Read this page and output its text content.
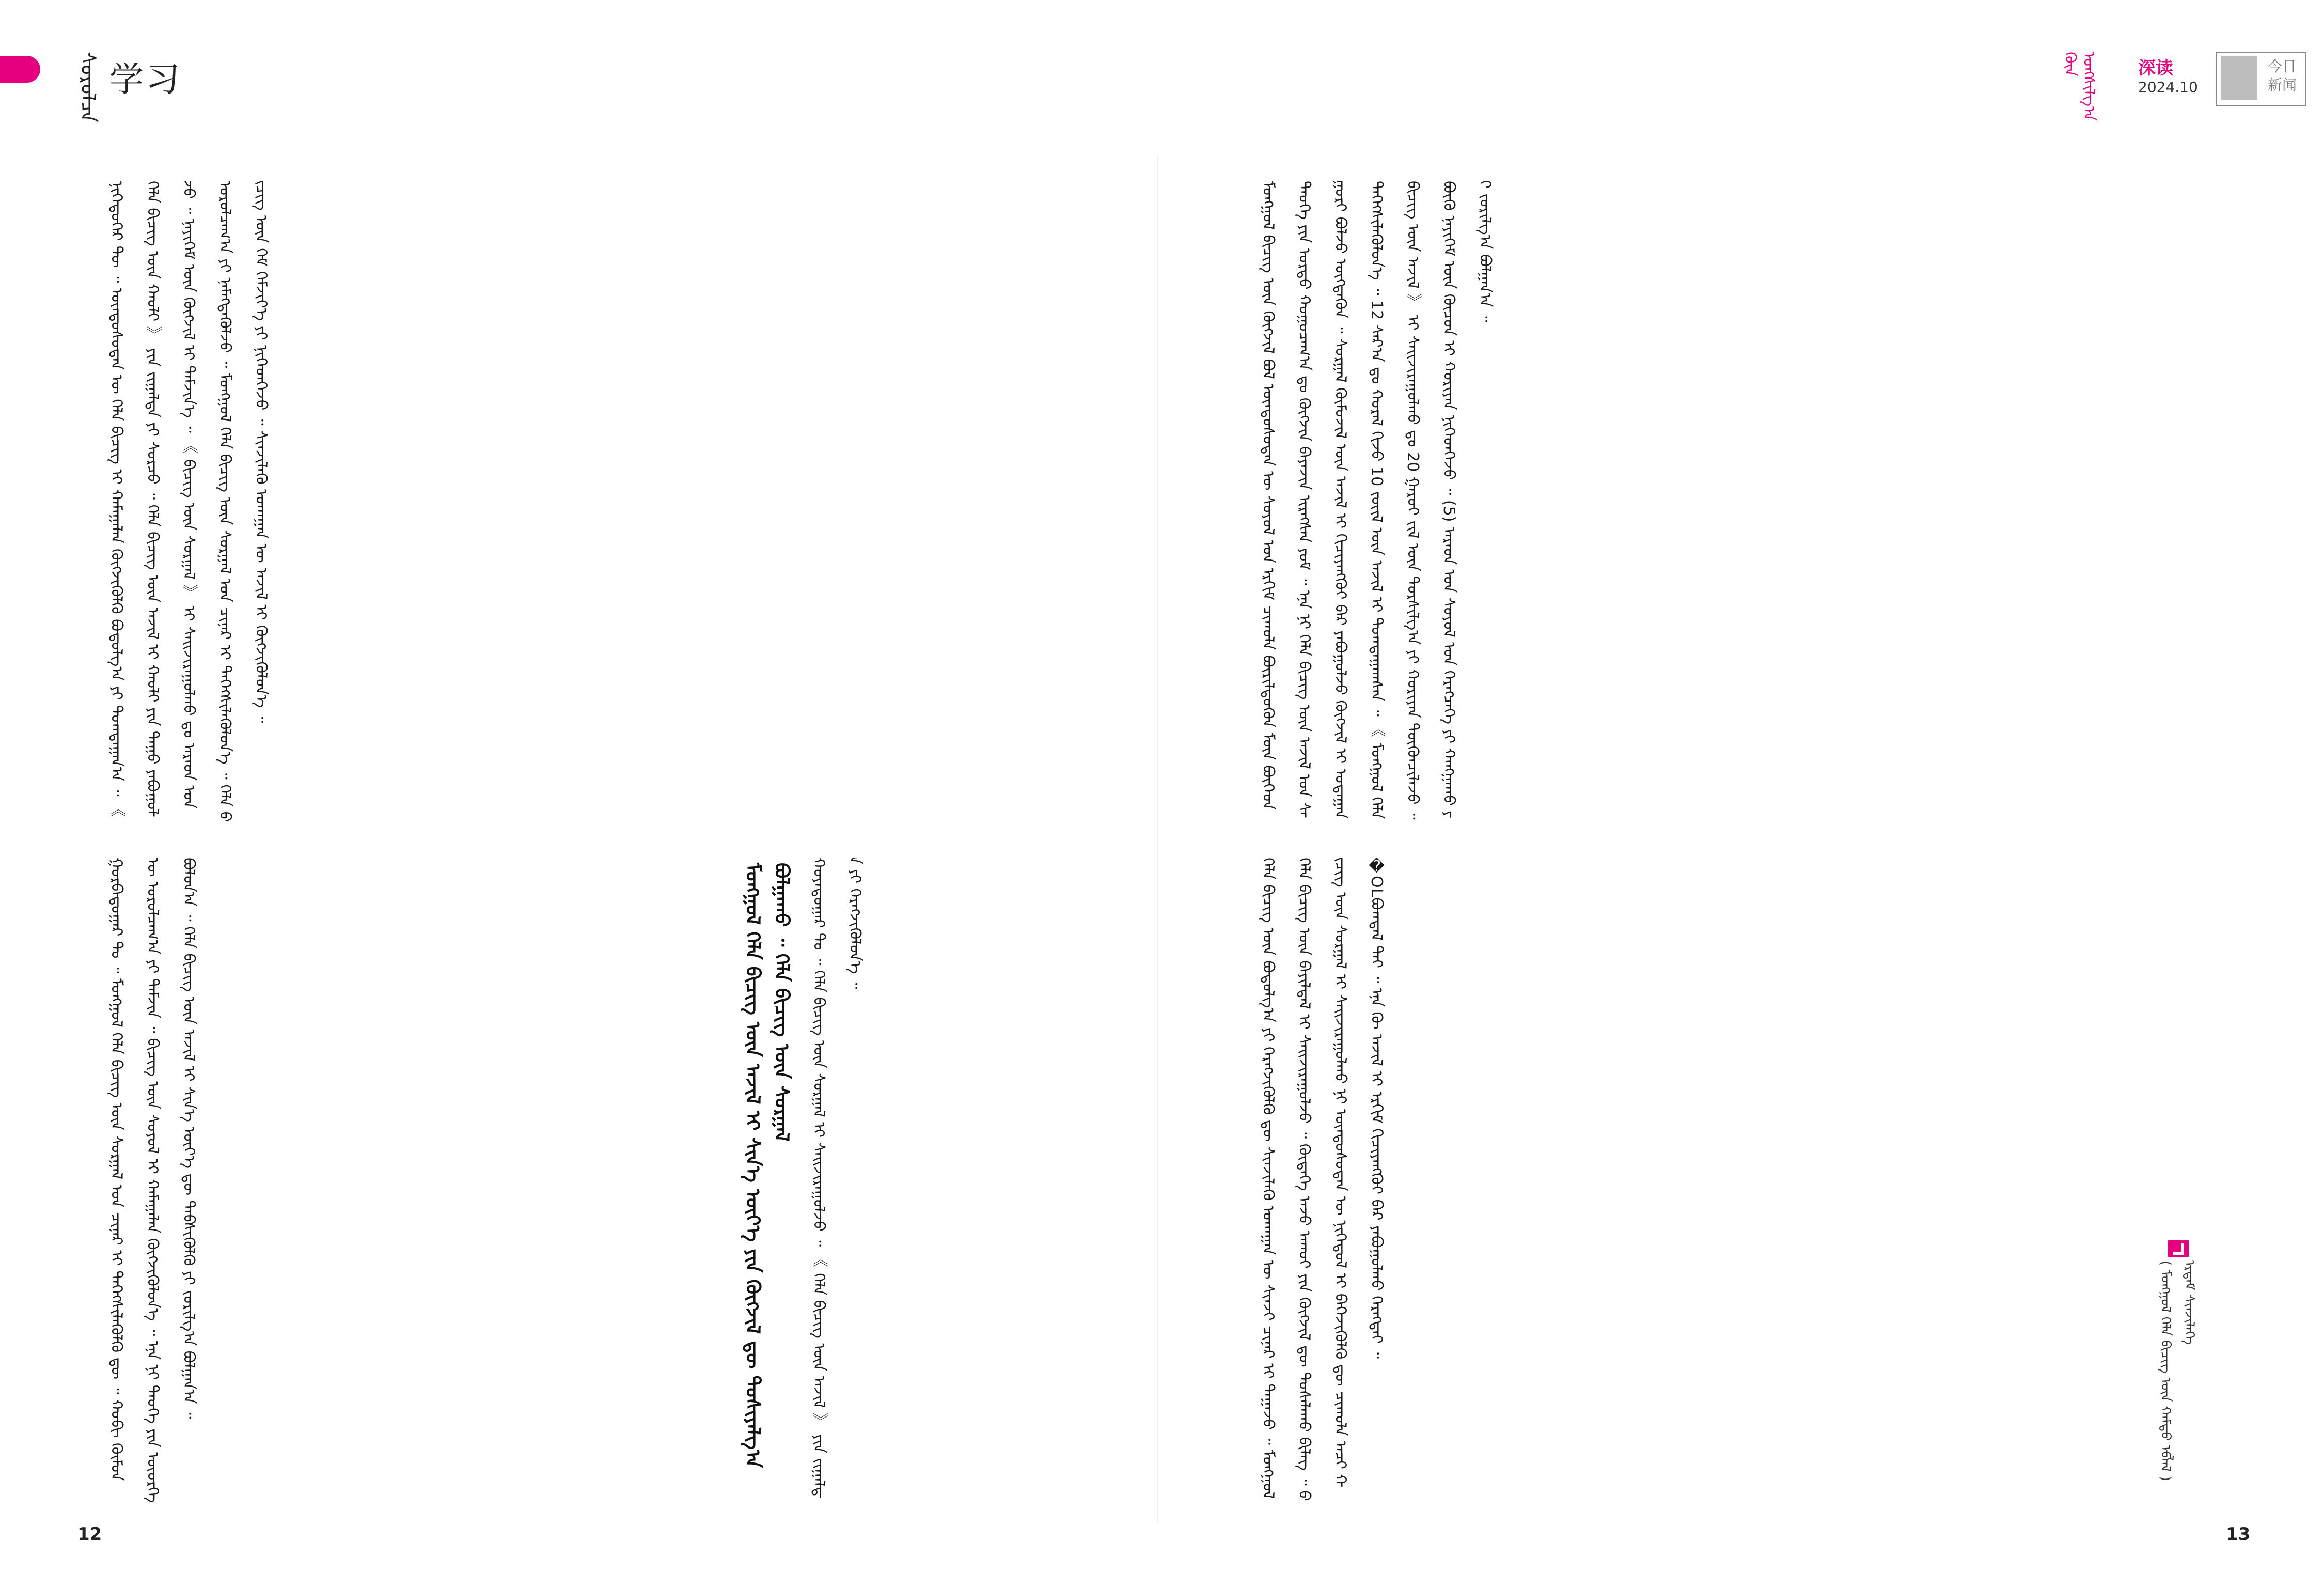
ᠰᠤᠷᠤᠯᠴᠠ 学习	ᠭᠦᠨ ᠤᠩᠰᠢᠯᠭ᠎ᠠ	深读
2024.10
今日新闻
ᠮᠣᠩᠭᠣᠯ ᠪᠢᠴᠢᠭ ᠦᠨ ᠬᠥᠭᠵᠢᠯ ᠪᠣᠯ ᠦᠨᠳᠦᠰᠦᠲᠡᠨ ᠦ ᠰᠣᠶᠣᠯ ᠤᠨ ᠡᠷᠬᠢᠮ ᠴᠢᠬᠤᠯᠠ ᠪᠦᠷᠢᠯᠳᠦᠬᠦᠨ ᠮᠥᠨ ᠪᠥᠭᠡᠳ ᠲᠡᠦᠬᠡ ᠶᠢᠨ ᠤᠷᠲᠤ ᠬᠤᠭᠤᠴᠠᠭ᠎ᠠ ᠳᠤ ᠬᠥᠭᠵᠢᠨ ᠪᠡᠶᠡᠵᠢᠨ ᠢᠷᠡᠭᠰᠡᠨ ᠶᠤᠮ ᠃ ᠡᠨᠡ ᠨᠢ ᠬᠡᠯᠡ ᠪᠢᠴᠢᠭ ᠦᠨ ᠠᠵᠢᠯ ᠤᠨ ᠰᠠᠭᠤᠷᠢ ᠪᠣᠯᠵᠤ ᠥᠭᠳᠡᠭᠦᠨ ᠃ ᠰᠤᠷᠭᠠᠯ ᠬᠦᠮᠦᠵᠢᠯ ᠦᠨ ᠠᠵᠢᠯ ᠢ ᠬᠢᠴᠢᠶᠡᠩᠭᠦᠢ ᠪᠡᠷ ᠶᠠᠪᠤᠭᠤᠯᠵᠤ ᠬᠥᠭᠵᠢᠯ ᠢ ᠤᠳᠠᠭᠠᠨ ᠳᠡᠭᠡᠭ᠌ᠰᠢᠯᠡᠭᠦᠯᠦᠨ᠎ᠡ ᠃ 12 ᠰᠠᠷ᠎ᠠ ᠳᠤ ᠬᠤᠷᠠᠯ ᠬᠢᠵᠦ 10 ᠵᠦᠢᠯ ᠦᠨ ᠠᠵᠢᠯ ᠢ ᠲᠣᠭᠲᠠᠭᠠᠭᠰᠠᠨ ᠃ 《 ᠮᠣᠩᠭᠣᠯ ᠬᠡᠯᠡ ᠪᠢᠴᠢᠭ ᠦᠨ ᠠᠵᠢᠯ 》 ᠢ ᠰᠠᠢᠵᠢᠷᠠᠭᠤᠯᠬᠤ ᠳᠤ 20 ᠭᠠᠷᠤᠢ ᠵᠢᠯ ᠦᠨ ᠲᠤᠷᠰᠢᠯᠭ᠎ᠠ ᠶᠢ ᠬᠤᠷᠢᠶᠠᠨ ᠳᠦᠭᠦᠨᠴᠢᠯᠡᠵᠦ ᠃ ᠪᠦᠬᠦ ᠨᠡᠶᠢᠭᠡᠮ ᠦᠨ ᠬᠦᠴᠦᠨ ᠢ ᠬᠤᠷᠢᠶᠠᠨ ᠨᠢᠭᠡᠳᠬᠡᠵᠦ ᠃ (5) ᠠᠷᠠᠳ ᠤᠨ ᠰᠣᠶᠣᠯ ᠤᠨ ᠬᠡᠷᠡᠭᠴᠡᠭᠡ ᠶᠢ ᠬᠠᠩᠭᠠᠬᠤ ᠶᠢ ᠵᠣᠷᠢᠯᠭ᠎ᠠ ᠪᠣᠯᠭᠠᠨ᠎ᠠ ᠃
( ᠮᠣᠩᠭᠣᠯ ᠬᠡᠯᠡ ᠪᠢᠴᠢᠭ ᠦᠨ ᠬᠠᠮᠲᠤ ᠡᠪᠯᠡᠯ ) ᠡᠷᠳᠡᠮ ᠰᠢᠨᠵᠢᠯᠡᠭᠡ
ᠬᠡᠯᠡ ᠪᠢᠴᠢᠭ ᠦᠨ ᠪᠣᠳᠤᠯᠭ᠎ᠠ ᠶᠢ ᠬᠡᠷᠡᠭᠵᠢᠭᠦᠯᠬᠦ ᠳᠦ ᠰᠢᠨᠵᠢᠯᠡᠬᠦ ᠤᠬᠠᠭᠠᠨ ᠦ ᠰᠢᠨᠵᠢ ᠴᠢᠨᠠᠷ ᠢ ᠳᠠᠭᠠᠵᠤ ᠃ ᠮᠣᠩᠭᠣᠯ ᠬᠡᠯᠡ ᠪᠢᠴᠢᠭ ᠦᠨ ᠪᠠᠶᠢᠯᠳᠠᠯ ᠢ ᠰᠠᠢᠵᠢᠷᠠᠭᠤᠯᠵᠤ ᠃ ᠬᠥᠳᠡᠭᠡ ᠠᠵᠤ ᠠᠬᠤᠢ ᠶᠢᠨ ᠬᠥᠭᠵᠢᠯ ᠳᠦ ᠲᠤᠰᠠᠯᠠᠬᠤ ᠪᠢᠯᠡᠭ ᠃ ᠪᠢᠴᠢᠭ ᠦᠨ ᠰᠤᠷᠭᠠᠯ ᠢ ᠰᠠᠢᠵᠢᠷᠠᠭᠤᠯᠬᠤ ᠨᠢ ᠦᠨᠳᠦᠰᠦᠲᠡᠨ ᠦ ᠨᠢᠭᠡᠳᠦᠯ ᠢ ᠪᠡᠬᠡᠵᠢᠭᠦᠯᠬᠦ ᠳᠦ ᠴᠢᠬᠤᠯᠠ ᠠᠴᠢ ᠬ�OLᠪᠣᠭᠳᠠᠯ ᠲᠠᠢ ᠃ ᠡᠨᠡ ᠬᠦ ᠠᠵᠢᠯ ᠢ ᠡᠷᠬᠢᠮ ᠬᠢᠴᠢᠶᠡᠩᠭᠦᠢ ᠪᠡᠷ ᠶᠠᠪᠤᠭᠤᠯᠬᠤ ᠬᠡᠷᠡᠭᠲᠡᠢ ᠃
ᠨᠢᠭᠡᠳᠦᠭᠡᠷ ᠲᠦ ᠃ ᠦᠨᠳᠦᠰᠦᠲᠡᠨ ᠦ ᠬᠡᠯᠡ ᠪᠢᠴᠢᠭ ᠢ ᠬᠠᠮᠠᠭᠠᠯᠠᠨ ᠬᠥᠭᠵᠢᠭᠦᠯᠬᠦ ᠪᠣᠳᠣᠯᠭ᠎ᠠ ᠶᠢ ᠲᠤᠭᠲᠠᠭᠠᠨ᠎ᠠ ᠃ 《 ᠬᠡᠯᠡ ᠪᠢᠴᠢᠭ ᠦᠨ ᠬᠠᠤᠯᠢ 》 ᠶᠢᠨ ᠵᠢᠭᠠᠯᠲᠠ ᠶᠢ ᠰᠤᠷᠴᠤ ᠃ ᠬᠡᠯᠡ ᠪᠢᠴᠢᠭ ᠦᠨ ᠠᠵᠢᠯ ᠢ ᠬᠠᠤᠯᠢ ᠶᠢᠨ ᠳᠠᠭᠤ ᠶᠠᠪᠤᠭᠤᠯᠵᠤ ᠃ ᠨᠡᠶᠢᠭᠡᠮ ᠦᠨ ᠬᠥᠭᠵᠢᠯ ᠢ ᠳᠡᠮᠵᠢᠨ᠎ᠡ ᠃ 《 ᠪᠢᠴᠢᠭ ᠦᠨ ᠰᠤᠷᠭᠠᠯ 》 ᠢ ᠰᠠᠢᠵᠢᠷᠠᠭᠤᠯᠬᠤ ᠳᠤ ᠠᠷᠠᠳ ᠤᠨ ᠣᠷᠤᠯᠴᠠᠭ᠎ᠠ ᠶᠢ ᠨᠡᠮᠡᠭᠳᠡᠭᠦᠯᠵᠦ ᠃ ᠮᠣᠩᠭᠣᠯ ᠬᠡᠯᠡ ᠪᠢᠴᠢᠭ ᠦᠨ ᠰᠤᠷᠭᠠᠯ ᠤᠨ ᠴᠢᠨᠠᠷ ᠢ ᠳᠡᠭᠡᠭ᠌ᠰᠢᠯᠡᠭᠦᠯᠦᠨ᠎ᠡ ᠃ ᠬᠡᠯᠡ ᠪᠢᠴᠢᠭ ᠦᠨ ᠬᠡᠮ ᠬᠡᠮᠵᠢᠶ᠎ᠡ ᠶᠢ ᠨᠢᠭᠡᠳᠬᠡᠵᠦ ᠃ ᠰᠢᠨᠵᠢᠯᠡᠬᠦ ᠤᠬᠠᠭᠠᠨ ᠦ ᠠᠵᠢᠯ ᠢ ᠬᠥᠭᠵᠢᠭᠦᠯᠦᠨ᠎ᠡ ᠃
ᠬᠣᠶᠠᠳᠤᠭᠠᠷ ᠲᠤ ᠃ ᠬᠡᠯᠡ ᠪᠢᠴᠢᠭ ᠦᠨ ᠰᠤᠷᠭᠠᠯ ᠢ ᠰᠠᠢᠵᠢᠷᠠᠭᠤᠯᠵᠤ ᠃ 《 ᠬᠡᠯᠡ ᠪᠢᠴᠢᠭ ᠦᠨ ᠠᠵᠢᠯ 》 ᠶᠢᠨ ᠵᠢᠭᠠᠯᠲᠠ ᠶᠢ ᠬᠡᠷᠡᠭᠵᠢᠭᠦᠯᠦᠨ᠎ᠡ ᠃
ᠮᠣᠩᠭᠣᠯ ᠬᠡᠯᠡ ᠪᠢᠴᠢᠭ ᠦᠨ ᠠᠵᠢᠯ ᠢ ᠰᠢᠨ᠎ᠡ ᠦᠶ᠎ᠡ ᠶᠢᠨ ᠬᠥᠭᠵᠢᠯ ᠳᠦ ᠲᠤᠰᠢᠶᠠᠯᠭ᠎ᠠ ᠪᠣᠯᠭᠠᠬᠤ ᠃ ᠬᠡᠯᠡ ᠪᠢᠴᠢᠭ ᠦᠨ ᠰᠤᠷᠭᠠᠯ
ᠭᠤᠷᠪᠠᠳᠤᠭᠠᠷ ᠲᠤ ᠃ ᠮᠣᠩᠭᠣᠯ ᠬᠡᠯᠡ ᠪᠢᠴᠢᠭ ᠦᠨ ᠰᠤᠷᠭᠠᠯ ᠤᠨ ᠴᠢᠨᠠᠷ ᠢ ᠳᠡᠭᠡᠭ᠌ᠰᠢᠯᠡᠭᠦᠯᠬᠦ ᠳᠦ ᠃ ᠬᠤᠪᠢ ᠬᠦᠮᠦᠨ ᠦ ᠣᠷᠤᠯᠴᠠᠭ᠎ᠠ ᠶᠢ ᠳᠡᠮᠵᠢᠨ ᠃ ᠪᠢᠴᠢᠭ ᠦᠨ ᠰᠤᠶᠤᠯ ᠢ ᠬᠠᠮᠠᠭᠠᠯᠠᠨ ᠬᠥᠭᠵᠢᠭᠦᠯᠦᠨ᠎ᠡ ᠃ ᠡᠨᠡ ᠨᠢ ᠲᠡᠦᠬᠡ ᠶᠢᠨ ᠦᠦᠷᠭᠡ ᠪᠣᠯᠤᠨ᠎ᠠ ᠃ ᠬᠡᠯᠡ ᠪᠢᠴᠢᠭ ᠦᠨ ᠠᠵᠢᠯ ᠢ ᠰᠢᠨ᠎ᠡ ᠦᠶ᠎ᠡ ᠳᠦ ᠳᠡᠪᠰᠢᠭᠦᠯᠬᠦ ᠶᠢ ᠵᠣᠷᠢᠯᠭ᠎ᠠ ᠪᠣᠯᠭᠠᠨ᠎ᠠ ᠃
12	13
